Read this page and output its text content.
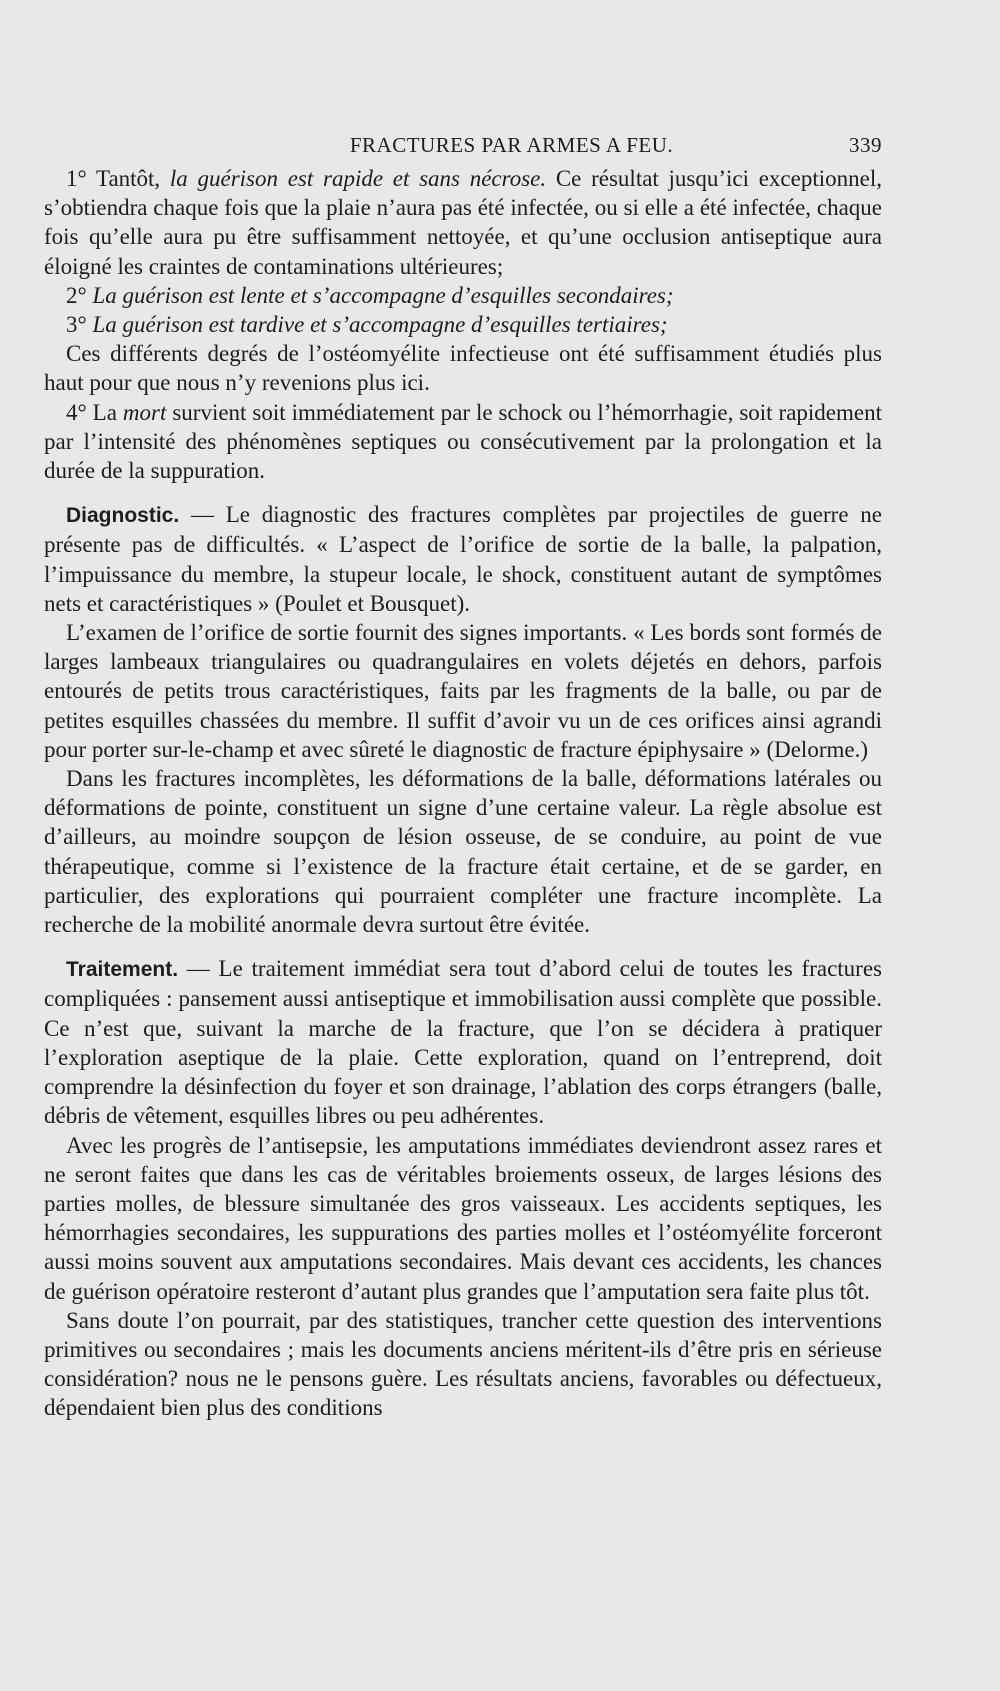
FRACTURES PAR ARMES A FEU.	339

1° Tantôt, la guérison est rapide et sans nécrose. Ce résultat jusqu’ici exceptionnel, s’obtiendra chaque fois que la plaie n’aura pas été infectée, ou si elle a été infectée, chaque fois qu’elle aura pu être suffisamment nettoyée, et qu’une occlusion antiseptique aura éloigné les craintes de contaminations ultérieures;

2° La guérison est lente et s’accompagne d’esquilles secondaires;

3° La guérison est tardive et s’accompagne d’esquilles tertiaires;

Ces différents degrés de l’ostéomyélite infectieuse ont été suffisamment étudiés plus haut pour que nous n’y revenions plus ici.

4° La mort survient soit immédiatement par le schock ou l’hémorrhagie, soit rapidement par l’intensité des phénomènes septiques ou consécutivement par la prolongation et la durée de la suppuration.

Diagnostic. — Le diagnostic des fractures complètes par projectiles de guerre ne présente pas de difficultés. « L’aspect de l’orifice de sortie de la balle, la palpation, l’impuissance du membre, la stupeur locale, le shock, constituent autant de symptômes nets et caractéristiques » (Poulet et Bousquet).

L’examen de l’orifice de sortie fournit des signes importants. « Les bords sont formés de larges lambeaux triangulaires ou quadrangulaires en volets déjetés en dehors, parfois entourés de petits trous caractéristiques, faits par les fragments de la balle, ou par de petites esquilles chassées du membre. Il suffit d’avoir vu un de ces orifices ainsi agrandi pour porter sur-le-champ et avec sûreté le diagnostic de fracture épiphysaire » (Delorme.)

Dans les fractures incomplètes, les déformations de la balle, déformations latérales ou déformations de pointe, constituent un signe d’une certaine valeur. La règle absolue est d’ailleurs, au moindre soupçon de lésion osseuse, de se conduire, au point de vue thérapeutique, comme si l’existence de la fracture était certaine, et de se garder, en particulier, des explorations qui pourraient compléter une fracture incomplète. La recherche de la mobilité anormale devra surtout être évitée.

Traitement. — Le traitement immédiat sera tout d’abord celui de toutes les fractures compliquées : pansement aussi antiseptique et immobilisation aussi complète que possible. Ce n’est que, suivant la marche de la fracture, que l’on se décidera à pratiquer l’exploration aseptique de la plaie. Cette exploration, quand on l’entreprend, doit comprendre la désinfection du foyer et son drainage, l’ablation des corps étrangers (balle, débris de vêtement, esquilles libres ou peu adhérentes.

Avec les progrès de l’antisepsie, les amputations immédiates deviendront assez rares et ne seront faites que dans les cas de véritables broiements osseux, de larges lésions des parties molles, de blessure simultanée des gros vaisseaux. Les accidents septiques, les hémorrhagies secondaires, les suppurations des parties molles et l’ostéomyélite forceront aussi moins souvent aux amputations secondaires. Mais devant ces accidents, les chances de guérison opératoire resteront d’autant plus grandes que l’amputation sera faite plus tôt.

Sans doute l’on pourrait, par des statistiques, trancher cette question des interventions primitives ou secondaires ; mais les documents anciens méritent-ils d’être pris en sérieuse considération? nous ne le pensons guère. Les résultats anciens, favorables ou défectueux, dépendaient bien plus des conditions
